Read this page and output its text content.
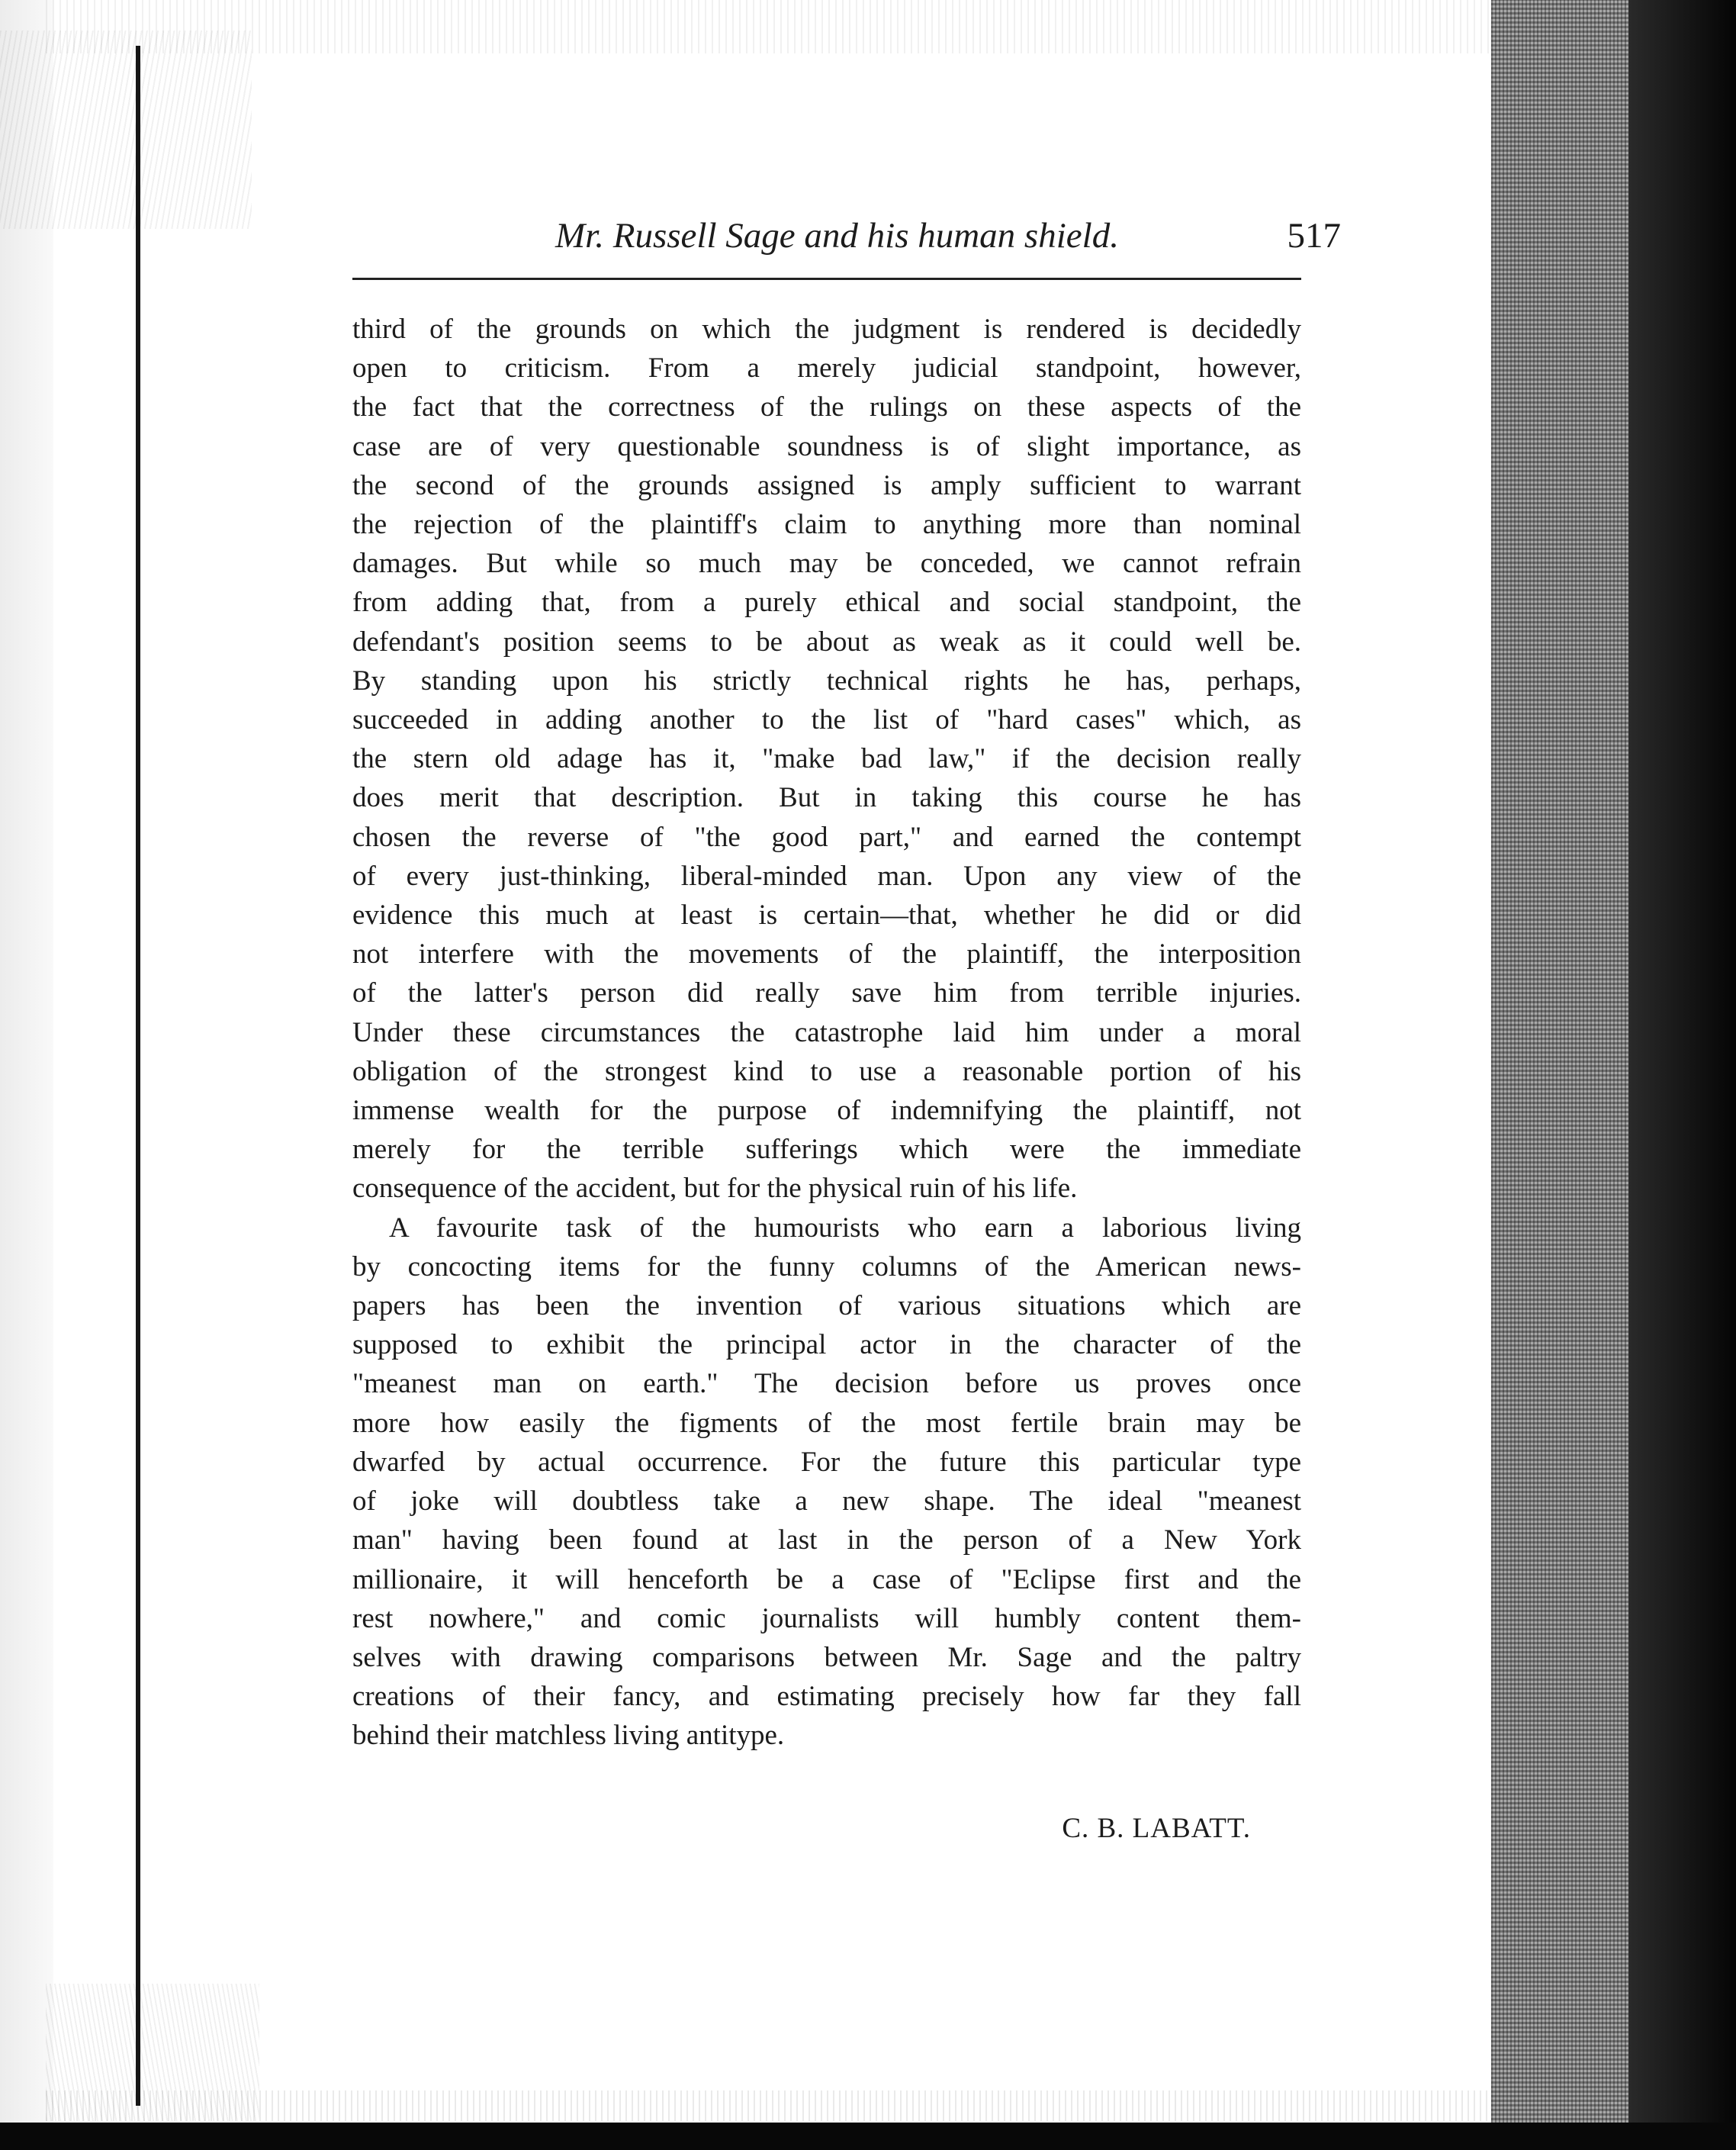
Mr. Russell Sage and his human shield.	517
third of the grounds on which the judgment is rendered is decidedly
open to criticism. From a merely judicial standpoint, however,
the fact that the correctness of the rulings on these aspects of the
case are of very questionable soundness is of slight importance, as
the second of the grounds assigned is amply sufficient to warrant
the rejection of the plaintiff's claim to anything more than nominal
damages. But while so much may be conceded, we cannot refrain
from adding that, from a purely ethical and social standpoint, the
defendant's position seems to be about as weak as it could well be.
By standing upon his strictly technical rights he has, perhaps,
succeeded in adding another to the list of "hard cases" which, as
the stern old adage has it, "make bad law," if the decision really
does merit that description. But in taking this course he has
chosen the reverse of "the good part," and earned the contempt
of every just-thinking, liberal-minded man. Upon any view of the
evidence this much at least is certain—that, whether he did or did
not interfere with the movements of the plaintiff, the interposition
of the latter's person did really save him from terrible injuries.
Under these circumstances the catastrophe laid him under a moral
obligation of the strongest kind to use a reasonable portion of his
immense wealth for the purpose of indemnifying the plaintiff, not
merely for the terrible sufferings which were the immediate
consequence of the accident, but for the physical ruin of his life.
A favourite task of the humourists who earn a laborious living
by concocting items for the funny columns of the American news-
papers has been the invention of various situations which are
supposed to exhibit the principal actor in the character of the
"meanest man on earth." The decision before us proves once
more how easily the figments of the most fertile brain may be
dwarfed by actual occurrence. For the future this particular type
of joke will doubtless take a new shape. The ideal "meanest
man" having been found at last in the person of a New York
millionaire, it will henceforth be a case of "Eclipse first and the
rest nowhere," and comic journalists will humbly content them-
selves with drawing comparisons between Mr. Sage and the paltry
creations of their fancy, and estimating precisely how far they fall
behind their matchless living antitype.
C. B. LABATT.
